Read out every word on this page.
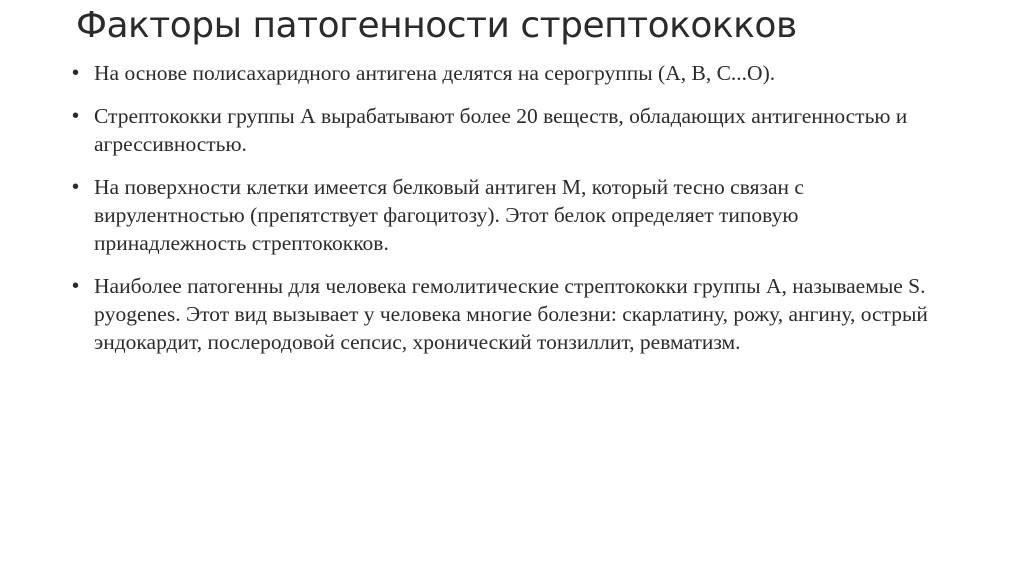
Факторы патогенности стрептококков
• На основе полисахаридного антигена делятся на серогруппы (А, В, С...О).
• Стрептококки группы А вырабатывают более 20 веществ, обладающих антигенностью и агрессивностью.
• На поверхности клетки имеется белковый антиген М, который тесно связан с вирулентностью (препятствует фагоцитозу). Этот белок определяет типовую принадлежность стрептококков.
• Наиболее патогенны для человека гемолитические стрептококки группы А, называемые S. pyogenes. Этот вид вызывает у человека многие болезни: скарлатину, рожу, ангину, острый эндокардит, послеродовой сепсис, хронический тонзиллит, ревматизм.
